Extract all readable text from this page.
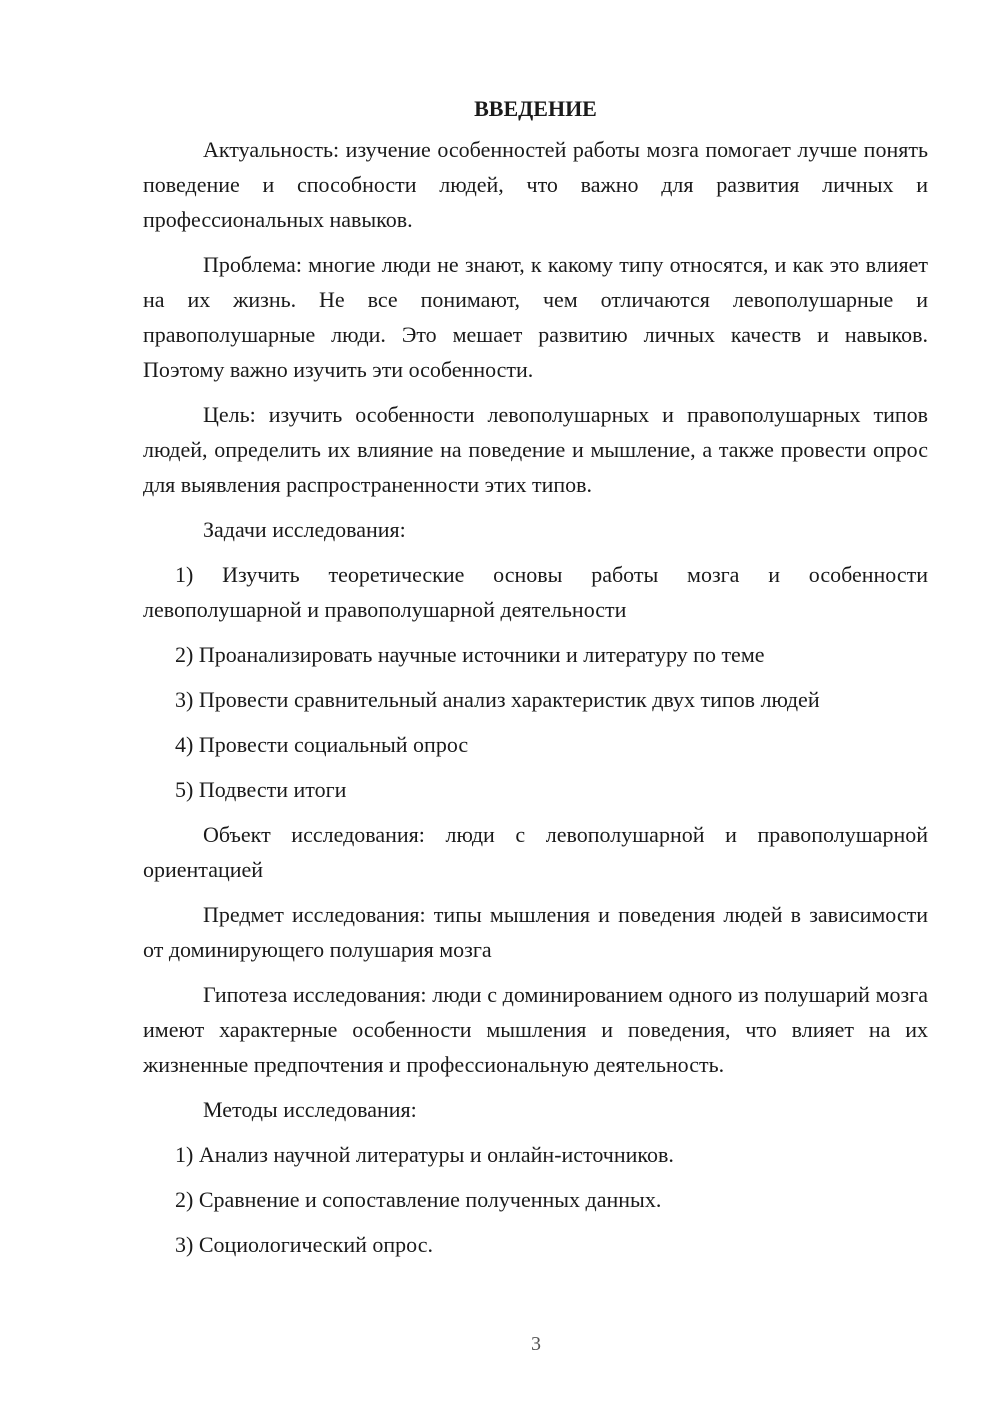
ВВЕДЕНИЕ

Актуальность: изучение особенностей работы мозга помогает лучше понять поведение и способности людей, что важно для развития личных и профессиональных навыков.

Проблема: многие люди не знают, к какому типу относятся, и как это влияет на их жизнь. Не все понимают, чем отличаются левополушарные и правополушарные люди. Это мешает развитию личных качеств и навыков. Поэтому важно изучить эти особенности.

Цель: изучить особенности левополушарных и правополушарных типов людей, определить их влияние на поведение и мышление, а также провести опрос для выявления распространенности этих типов.

Задачи исследования:

1) Изучить теоретические основы работы мозга и особенности левополушарной и правополушарной деятельности

2) Проанализировать научные источники и литературу по теме

3) Провести сравнительный анализ характеристик двух типов людей

4) Провести социальный опрос

5) Подвести итоги

Объект исследования: люди с левополушарной и правополушарной ориентацией

Предмет исследования: типы мышления и поведения людей в зависимости от доминирующего полушария мозга

Гипотеза исследования: люди с доминированием одного из полушарий мозга имеют характерные особенности мышления и поведения, что влияет на их жизненные предпочтения и профессиональную деятельность.

Методы исследования:

1) Анализ научной литературы и онлайн-источников.

2) Сравнение и сопоставление полученных данных.

3) Социологический опрос.

3
